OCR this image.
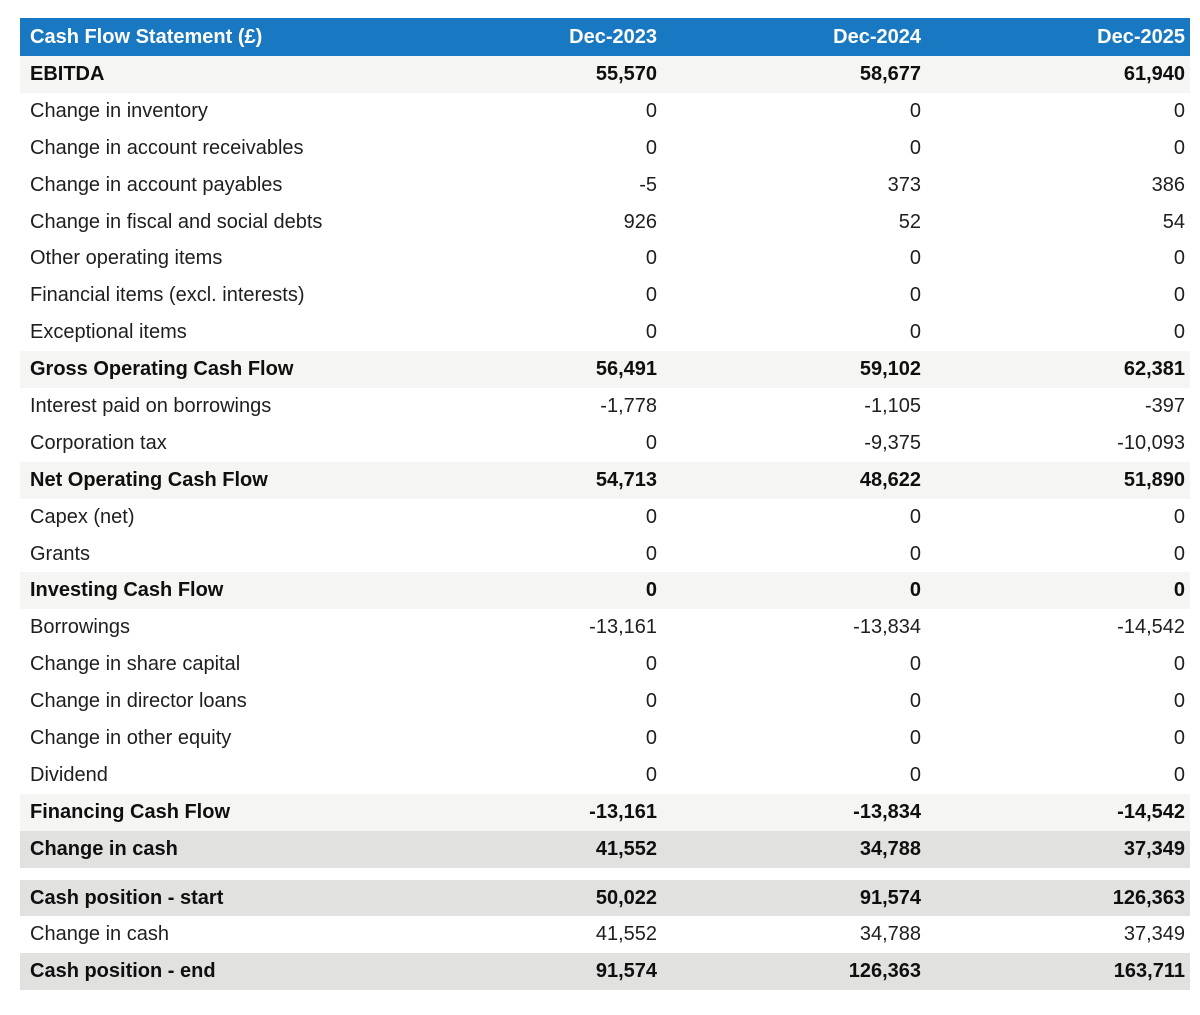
Cash Flow Statement (£)	Dec-2023	Dec-2024	Dec-2025
EBITDA	55,570	58,677	61,940
Change in inventory	0	0	0
Change in account receivables	0	0	0
Change in account payables	-5	373	386
Change in fiscal and social debts	926	52	54
Other operating items	0	0	0
Financial items (excl. interests)	0	0	0
Exceptional items	0	0	0
Gross Operating Cash Flow	56,491	59,102	62,381
Interest paid on borrowings	-1,778	-1,105	-397
Corporation tax	0	-9,375	-10,093
Net Operating Cash Flow	54,713	48,622	51,890
Capex (net)	0	0	0
Grants	0	0	0
Investing Cash Flow	0	0	0
Borrowings	-13,161	-13,834	-14,542
Change in share capital	0	0	0
Change in director loans	0	0	0
Change in other equity	0	0	0
Dividend	0	0	0
Financing Cash Flow	-13,161	-13,834	-14,542
Change in cash	41,552	34,788	37,349
Cash position - start	50,022	91,574	126,363
Change in cash	41,552	34,788	37,349
Cash position - end	91,574	126,363	163,711
